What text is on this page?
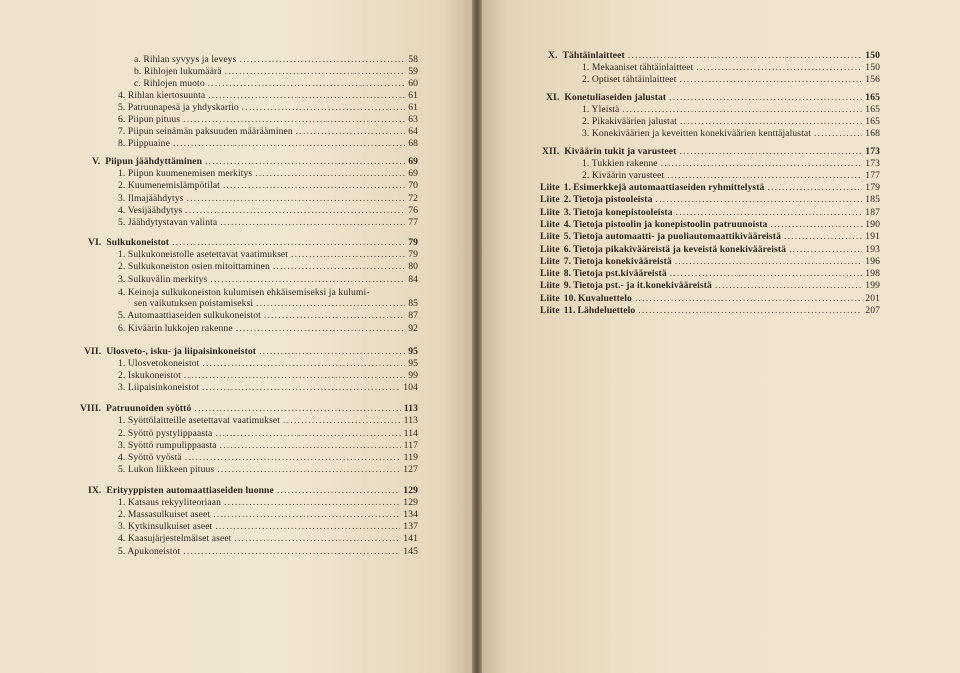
a. Rihlan syvyys ja leveys .....	58
b. Rihlojen lukumäärä .....	59
c. Rihlojen muoto .....	60
4. Rihlan kiertosuunta .....	61
5. Patruunapesä ja yhdyskartio .....	61
6. Piipun pituus .....	63
7. Piipun seinämän paksuuden määrääminen .....	64
8. Piippuaine .....	68
V. Piipun jäähdyttäminen .....	69
1. Piipun kuumenemisen merkitys .....	69
2. Kuumenemislämpötilat .....	70
3. Ilmajäähdytys .....	72
4. Vesijäähdytys .....	76
5. Jäähdytystavan valinta .....	77
VI. Sulkukoneistot .....	79
1. Sulkukoneistolle asetettavat vaatimukset .....	79
2. Sulkukoneiston osien mitoittaminen .....	80
3. Sulkuvälin merkitys .....	84
4. Keinoja sulkukoneiston kulumisen ehkäisemiseksi ja kulumi-
sen vaikutuksen poistamiseksi .....	85
5. Automaattiaseiden sulkukoneistot .....	87
6. Kiväärin lukkojen rakenne .....	92
VII. Ulosveto-, isku- ja liipaisinkoneistot .....	95
1. Ulosvetokoneistot .....	95
2. Iskukoneistot .....	99
3. Liipaisinkoneistot .....	104
VIII. Patruunoiden syöttö .....	113
1. Syöttölaitteille asetettavat vaatimukset .....	113
2. Syöttö pystylippaasta .....	114
3. Syöttö rumpulippaasta .....	117
4. Syöttö vyöstä .....	119
5. Lukon liikkeen pituus .....	127
IX. Erityyppisten automaattiaseiden luonne .....	129
1. Katsaus rekyyliteoriaan .....	129
2. Massasulkuiset aseet .....	134
3. Kytkinsulkuiset aseet .....	137
4. Kaasujärjestelmäiset aseet .....	141
5. Apukoneistot .....	145
X. Tähtäinlaitteet .....	150
1. Mekaaniset tähtäinlaitteet .....	150
2. Optiset tähtäinlaitteet .....	156
XI. Konetuliaseiden jalustat .....	165
1. Yleistä .....	165
2. Pikakiväärien jalustat .....	165
3. Konekiväärien ja keveitten konekiväärien kenttäjalustat .....	168
XII. Kiväärin tukit ja varusteet .....	173
1. Tukkien rakenne .....	173
2. Kiväärin varusteet .....	177
Liite 1. Esimerkkejä automaattiaseiden ryhmittelystä .....	179
Liite 2. Tietoja pistooleista .....	185
Liite 3. Tietoja konepistooleista .....	187
Liite 4. Tietoja pistoolin ja konepistoolin patruunoista .....	190
Liite 5. Tietoja automaatti- ja puoliautomaattikivääreistä .....	191
Liite 6. Tietoja pikakivääreistä ja keveistä konekivääreistä .....	193
Liite 7. Tietoja konekivääreistä .....	196
Liite 8. Tietoja pst.kivääreistä .....	198
Liite 9. Tietoja pst.- ja it.konekivääreistä .....	199
Liite 10. Kuvaluettelo .....	201
Liite 11. Lähdeluettelo .....	207
